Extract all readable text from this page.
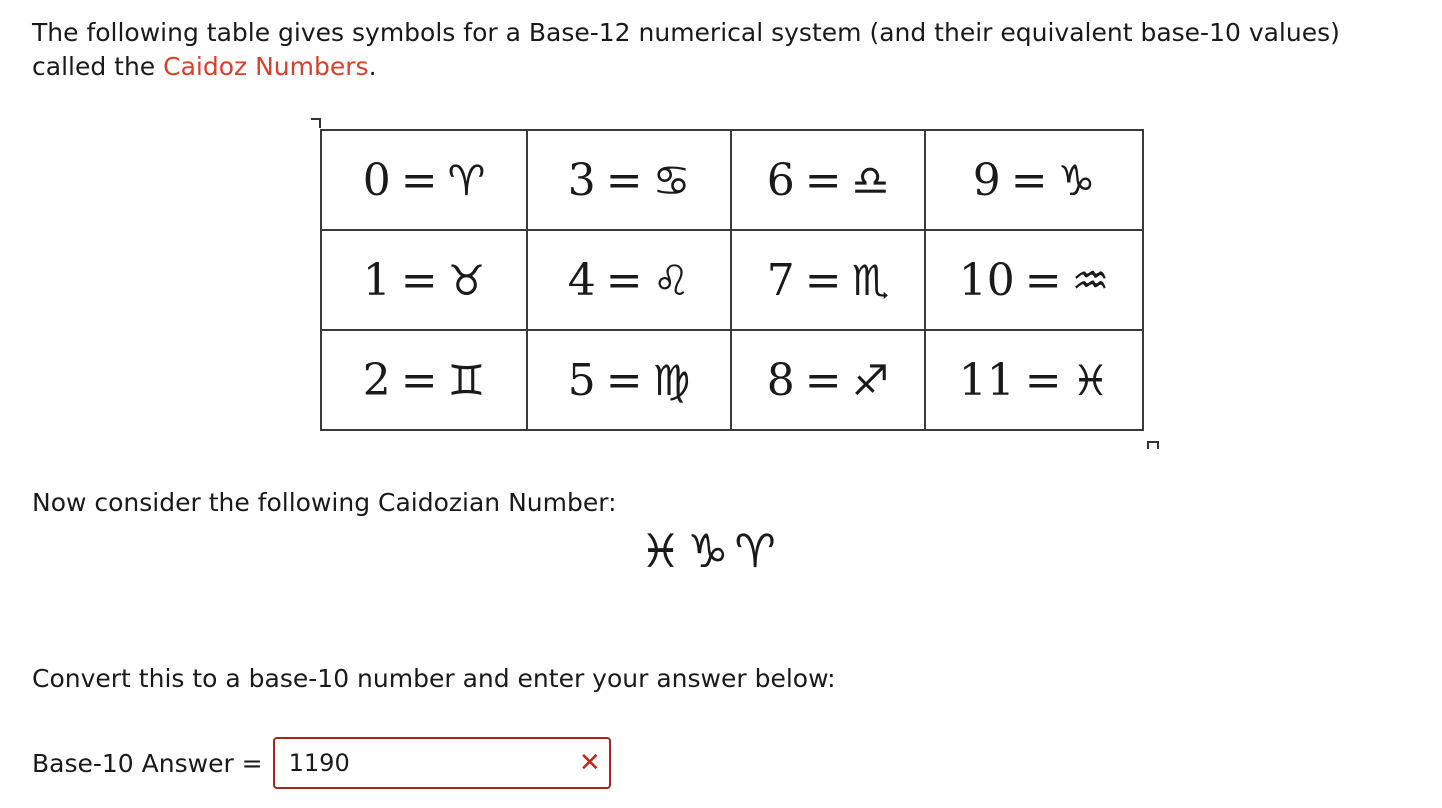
The following table gives symbols for a Base-12 numerical system (and their equivalent base-10 values) called the Caidoz Numbers.

0 = ♈	3 = ♋	6 = ♎	9 = ♑
1 = ♉	4 = ♌	7 = ♏	10 = ♒
2 = ♊	5 = ♍	8 = ♐	11 = ♓

Now consider the following Caidozian Number:

♓♑♈

Convert this to a base-10 number and enter your answer below:

Base-10 Answer =
1190	✕
